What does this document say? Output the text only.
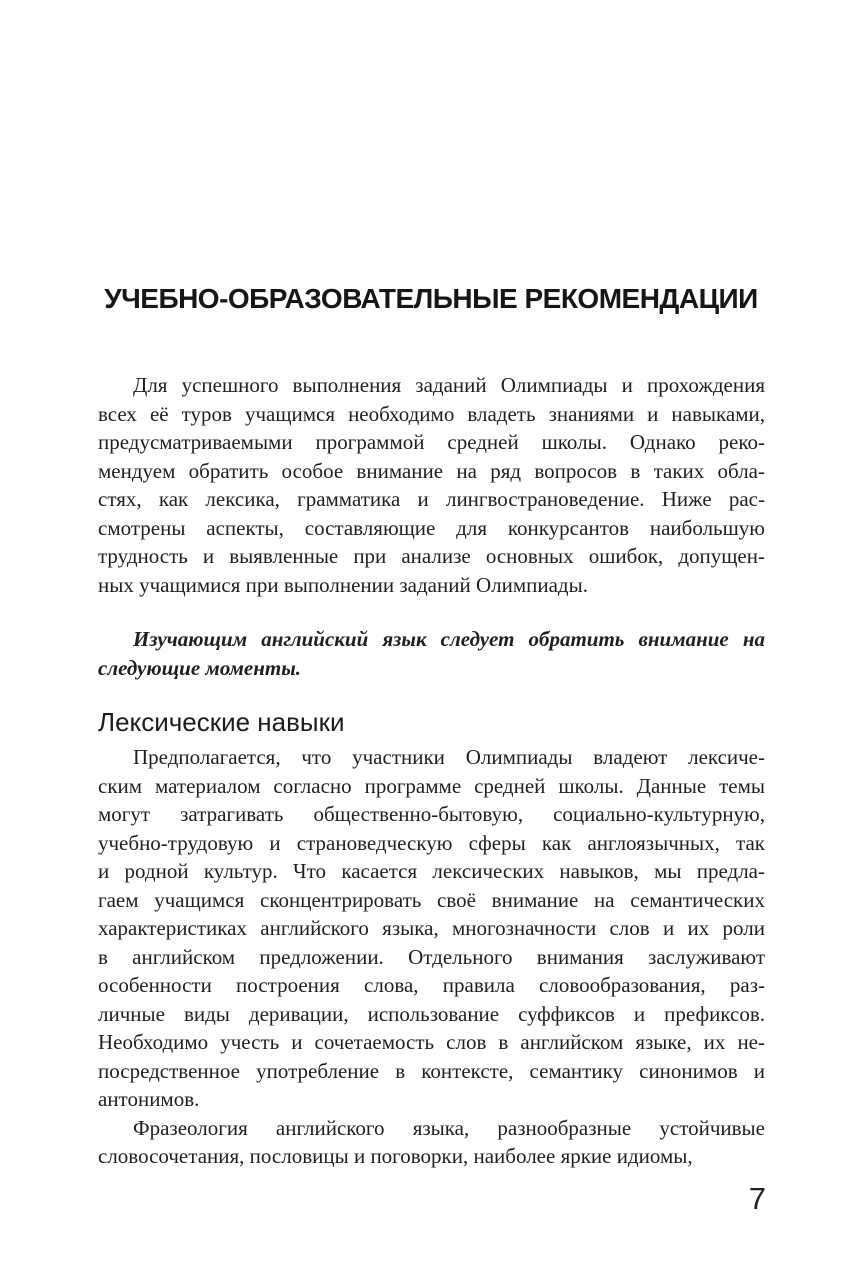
УЧЕБНО-ОБРАЗОВАТЕЛЬНЫЕ РЕКОМЕНДАЦИИ
Для успешного выполнения заданий Олимпиады и прохождения
всех её туров учащимся необходимо владеть знаниями и навыками,
предусматриваемыми программой средней школы. Однако реко-
мендуем обратить особое внимание на ряд вопросов в таких обла-
стях, как лексика, грамматика и лингвострановедение. Ниже рас-
смотрены аспекты, составляющие для конкурсантов наибольшую
трудность и выявленные при анализе основных ошибок, допущен-
ных учащимися при выполнении заданий Олимпиады.
Изучающим английский язык следует обратить внимание на
следующие моменты.
Лексические навыки
Предполагается, что участники Олимпиады владеют лексиче-
ским материалом согласно программе средней школы. Данные темы
могут затрагивать общественно-бытовую, социально-культурную,
учебно-трудовую и страноведческую сферы как англоязычных, так
и родной культур. Что касается лексических навыков, мы предла-
гаем учащимся сконцентрировать своё внимание на семантических
характеристиках английского языка, многозначности слов и их роли
в английском предложении. Отдельного внимания заслуживают
особенности построения слова, правила словообразования, раз-
личные виды деривации, использование суффиксов и префиксов.
Необходимо учесть и сочетаемость слов в английском языке, их не-
посредственное употребление в контексте, семантику синонимов и
антонимов.
Фразеология английского языка, разнообразные устойчивые
словосочетания, пословицы и поговорки, наиболее яркие идиомы,
7
